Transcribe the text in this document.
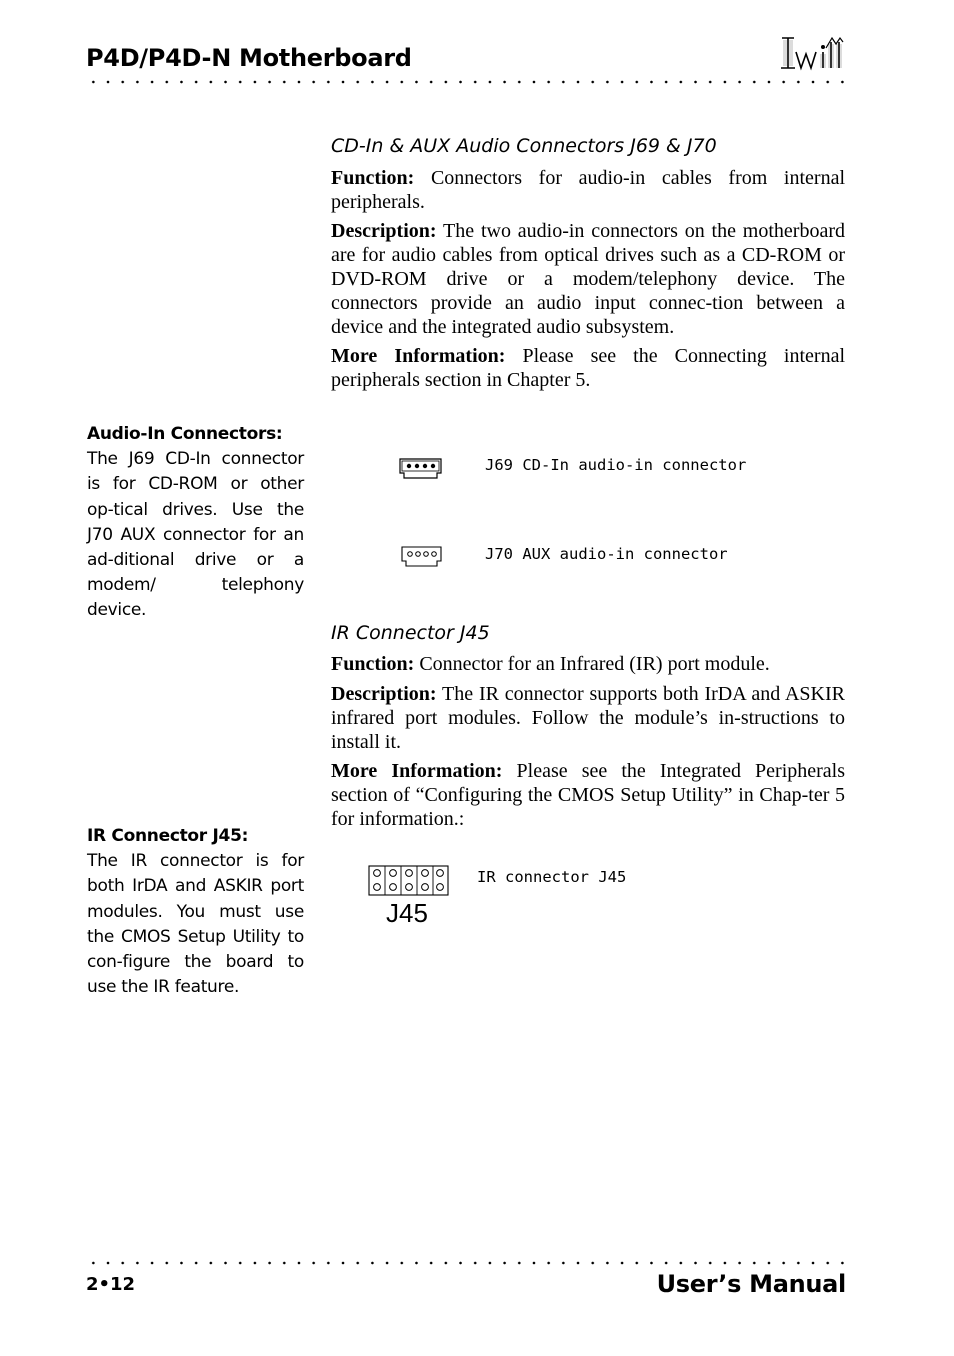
P4D/P4D-N Motherboard
CD-In & AUX Audio Connectors J69 & J70

Function: Connectors for audio-in cables from internal peripherals.

Description: The two audio-in connectors on the motherboard are for audio cables from optical drives such as a CD-ROM or DVD-ROM drive or a modem/telephony device. The connectors provide an audio input connec-tion between a device and the integrated audio subsystem.

More Information: Please see the Connecting internal peripherals section in Chapter 5.

Audio-In Connectors:
The J69 CD-In connector is for CD-ROM or other op-tical drives. Use the J70 AUX connector for an ad-ditional drive or a modem/ telephony device.
J69 CD-In audio-in connector
J70 AUX audio-in connector
IR Connector J45

Function: Connector for an Infrared (IR) port module.

Description: The IR connector supports both IrDA and ASKIR infrared port modules. Follow the module’s in-structions to install it.

More Information: Please see the Integrated Peripherals section of “Configuring the CMOS Setup Utility” in Chap-ter 5 for information.:

IR Connector J45:
The IR connector is for both IrDA and ASKIR port modules. You must use the CMOS Setup Utility to con-figure the board to use the IR feature.
J45
IR connector J45
2•12	User’s Manual
